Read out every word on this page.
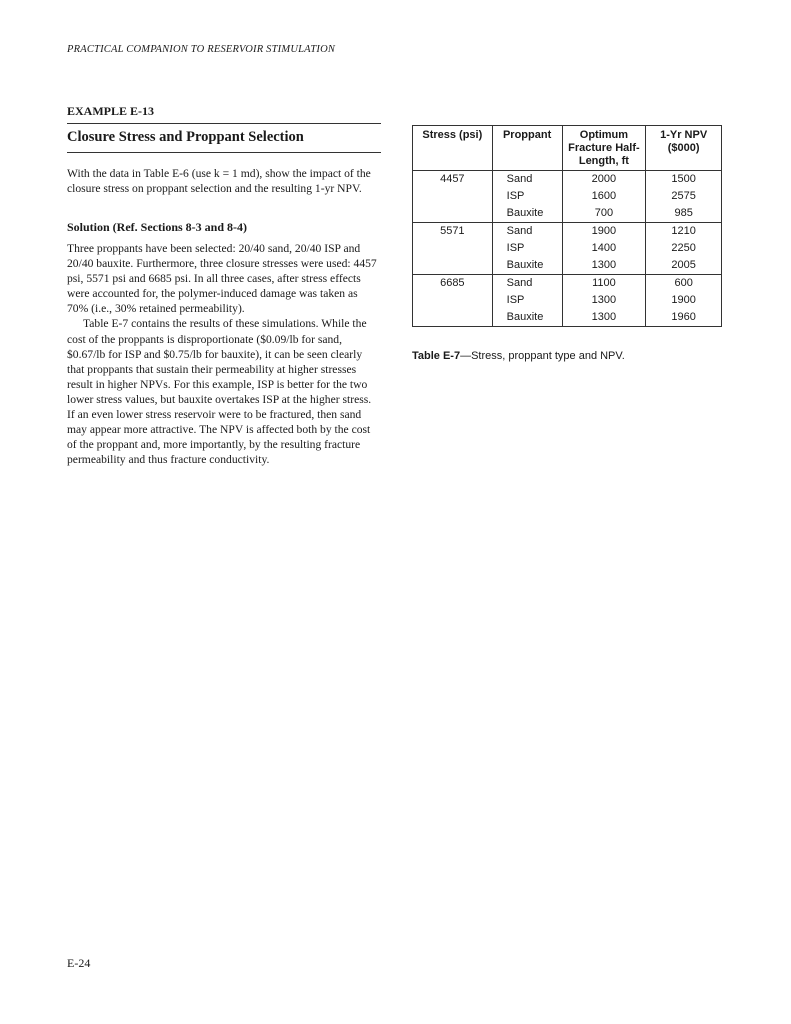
PRACTICAL COMPANION TO RESERVOIR STIMULATION
EXAMPLE E-13
Closure Stress and Proppant Selection

With the data in Table E-6 (use k = 1 md), show the impact of the closure stress on proppant selection and the resulting 1-yr NPV.

Solution (Ref. Sections 8-3 and 8-4)

Three proppants have been selected: 20/40 sand, 20/40 ISP and 20/40 bauxite. Furthermore, three closure stresses were used: 4457 psi, 5571 psi and 6685 psi. In all three cases, after stress effects were accounted for, the polymer-induced damage was taken as 70% (i.e., 30% retained permeability).

Table E-7 contains the results of these simulations. While the cost of the proppants is disproportionate ($0.09/lb for sand, $0.67/lb for ISP and $0.75/lb for bauxite), it can be seen clearly that proppants that sustain their permeability at higher stresses result in higher NPVs. For this example, ISP is better for the two lower stress values, but bauxite overtakes ISP at the higher stress. If an even lower stress reservoir were to be fractured, then sand may appear more attractive. The NPV is affected both by the cost of the proppant and, more importantly, by the resulting fracture permeability and thus fracture conductivity.

Stress (psi)	Proppant	Optimum Fracture Half-Length, ft	1-Yr NPV ($000)
4457	Sand	2000	1500
	ISP	1600	2575
	Bauxite	700	985
5571	Sand	1900	1210
	ISP	1400	2250
	Bauxite	1300	2005
6685	Sand	1100	600
	ISP	1300	1900
	Bauxite	1300	1960
Table E-7—Stress, proppant type and NPV.
E-24
